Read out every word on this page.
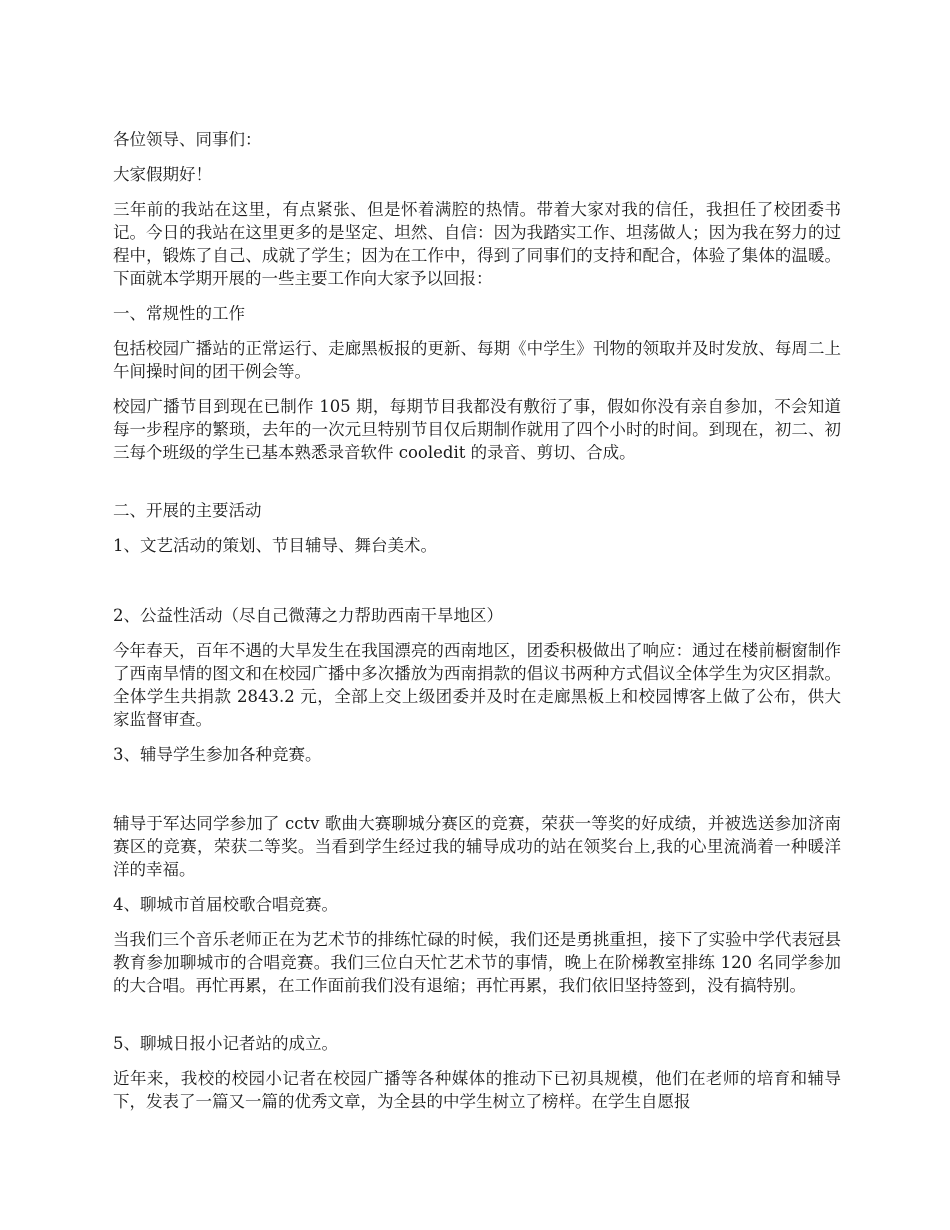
各位领导、同事们：

大家假期好！

三年前的我站在这里，有点紧张、但是怀着满腔的热情。带着大家对我的信任，我担任了校团委书记。今日的我站在这里更多的是坚定、坦然、自信：因为我踏实工作、坦荡做人；因为我在努力的过程中，锻炼了自己、成就了学生；因为在工作中，得到了同事们的支持和配合，体验了集体的温暖。下面就本学期开展的一些主要工作向大家予以回报：

一、常规性的工作

包括校园广播站的正常运行、走廊黑板报的更新、每期《中学生》刊物的领取并及时发放、每周二上午间操时间的团干例会等。

校园广播节目到现在已制作 105 期，每期节目我都没有敷衍了事，假如你没有亲自参加，不会知道每一步程序的繁琐，去年的一次元旦特别节目仅后期制作就用了四个小时的时间。到现在，初二、初三每个班级的学生已基本熟悉录音软件 cooledit 的录音、剪切、合成。

二、开展的主要活动

1、文艺活动的策划、节目辅导、舞台美术。

2、公益性活动（尽自己微薄之力帮助西南干旱地区）

今年春天，百年不遇的大旱发生在我国漂亮的西南地区，团委积极做出了响应：通过在楼前橱窗制作了西南旱情的图文和在校园广播中多次播放为西南捐款的倡议书两种方式倡议全体学生为灾区捐款。全体学生共捐款 2843.2 元，全部上交上级团委并及时在走廊黑板上和校园博客上做了公布，供大家监督审查。

3、辅导学生参加各种竞赛。

辅导于军达同学参加了 cctv 歌曲大赛聊城分赛区的竞赛，荣获一等奖的好成绩，并被选送参加济南赛区的竞赛，荣获二等奖。当看到学生经过我的辅导成功的站在领奖台上,我的心里流淌着一种暖洋洋的幸福。

4、聊城市首届校歌合唱竞赛。

当我们三个音乐老师正在为艺术节的排练忙碌的时候，我们还是勇挑重担，接下了实验中学代表冠县教育参加聊城市的合唱竞赛。我们三位白天忙艺术节的事情，晚上在阶梯教室排练 120 名同学参加的大合唱。再忙再累，在工作面前我们没有退缩；再忙再累，我们依旧坚持签到，没有搞特别。

5、聊城日报小记者站的成立。

近年来，我校的校园小记者在校园广播等各种媒体的推动下已初具规模，他们在老师的培育和辅导下，发表了一篇又一篇的优秀文章，为全县的中学生树立了榜样。在学生自愿报
